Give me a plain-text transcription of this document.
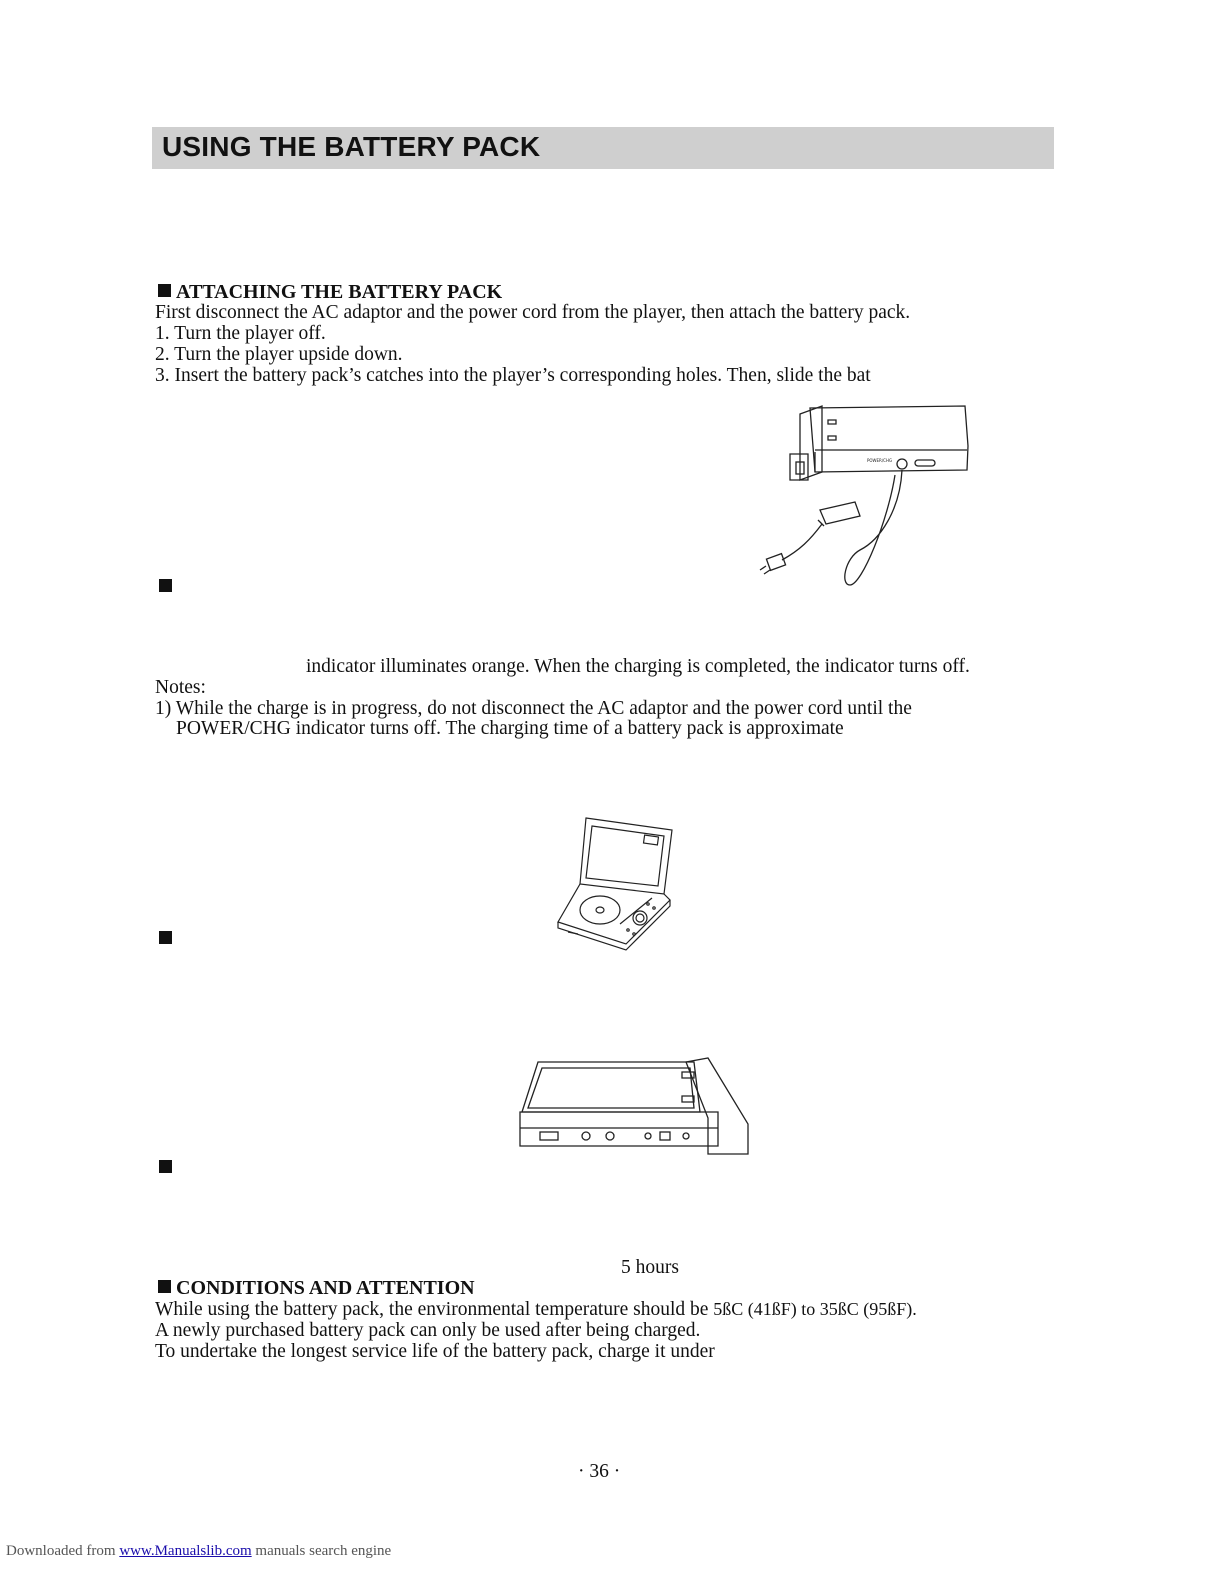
USING THE BATTERY PACK
ATTACHING THE BATTERY PACK
First disconnect the AC adaptor and the power cord from the player, then attach the battery pack.
1. Turn the player off.
2. Turn the player upside down.
3. Insert the battery pack’s catches into the player’s corresponding holes. Then, slide the bat
POWER/CHG
indicator illuminates orange. When the charging is completed, the indicator turns off.
Notes:
1) While the charge is in progress, do not disconnect the AC adaptor and the power cord until the
POWER/CHG indicator turns off. The charging time of a battery pack is approximate
5 hours
CONDITIONS AND ATTENTION
While using the battery pack, the environmental temperature should be 5ßC (41ßF) to 35ßC (95ßF).
A newly purchased battery pack can only be used after being charged.
To undertake the longest service life of the battery pack, charge it under
· 36 ·
Downloaded from www.Manualslib.com manuals search engine
